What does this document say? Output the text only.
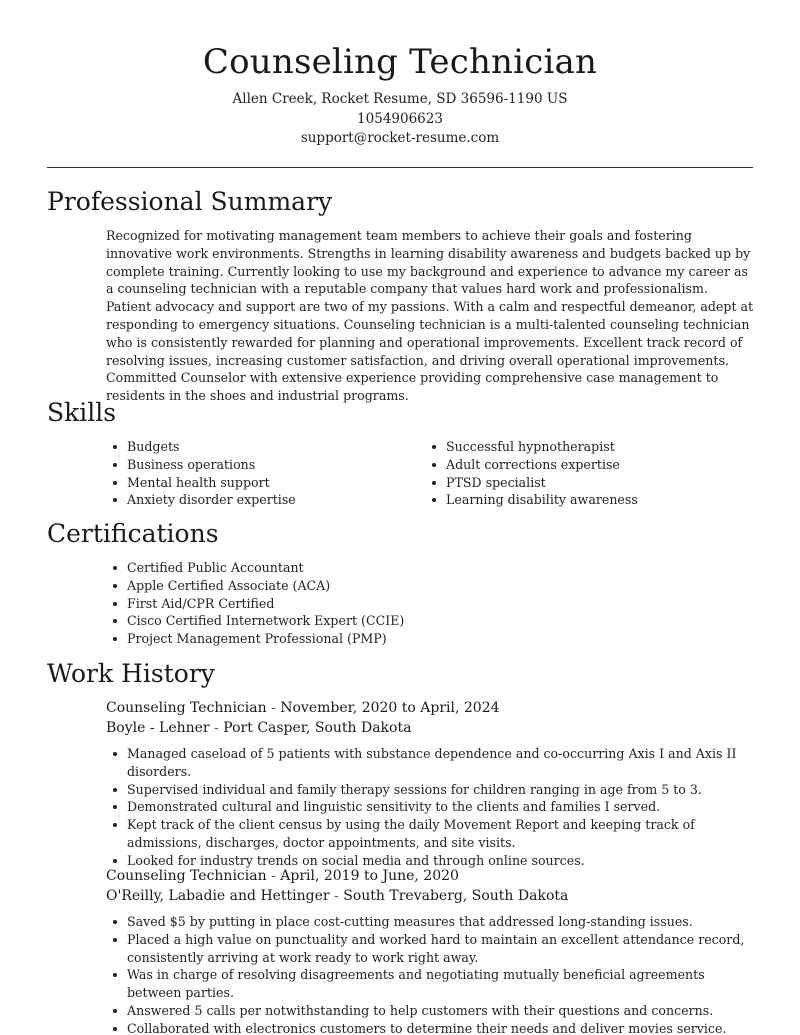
Counseling Technician
Allen Creek, Rocket Resume, SD 36596-1190 US
1054906623
support@rocket-resume.com
Professional Summary

Recognized for motivating management team members to achieve their goals and fostering innovative work environments. Strengths in learning disability awareness and budgets backed up by complete training. Currently looking to use my background and experience to advance my career as a counseling technician with a reputable company that values hard work and professionalism. Patient advocacy and support are two of my passions. With a calm and respectful demeanor, adept at responding to emergency situations. Counseling technician is a multi-talented counseling technician who is consistently rewarded for planning and operational improvements. Excellent track record of resolving issues, increasing customer satisfaction, and driving overall operational improvements. Committed Counselor with extensive experience providing comprehensive case management to residents in the shoes and industrial programs.

Skills
Budgets
Business operations
Mental health support
Anxiety disorder expertise
Successful hypnotherapist
Adult corrections expertise
PTSD specialist
Learning disability awareness
Certifications
Certified Public Accountant
Apple Certified Associate (ACA)
First Aid/CPR Certified
Cisco Certified Internetwork Expert (CCIE)
Project Management Professional (PMP)
Work History
Counseling Technician - November, 2020 to April, 2024
Boyle - Lehner - Port Casper, South Dakota
Managed caseload of 5 patients with substance dependence and co-occurring Axis I and Axis II disorders.
Supervised individual and family therapy sessions for children ranging in age from 5 to 3.
Demonstrated cultural and linguistic sensitivity to the clients and families I served.
Kept track of the client census by using the daily Movement Report and keeping track of admissions, discharges, doctor appointments, and site visits.
Looked for industry trends on social media and through online sources.
Counseling Technician - April, 2019 to June, 2020
O'Reilly, Labadie and Hettinger - South Trevaberg, South Dakota
Saved $5 by putting in place cost-cutting measures that addressed long-standing issues.
Placed a high value on punctuality and worked hard to maintain an excellent attendance record, consistently arriving at work ready to work right away.
Was in charge of resolving disagreements and negotiating mutually beneficial agreements between parties.
Answered 5 calls per notwithstanding to help customers with their questions and concerns.
Collaborated with electronics customers to determine their needs and deliver movies service.
